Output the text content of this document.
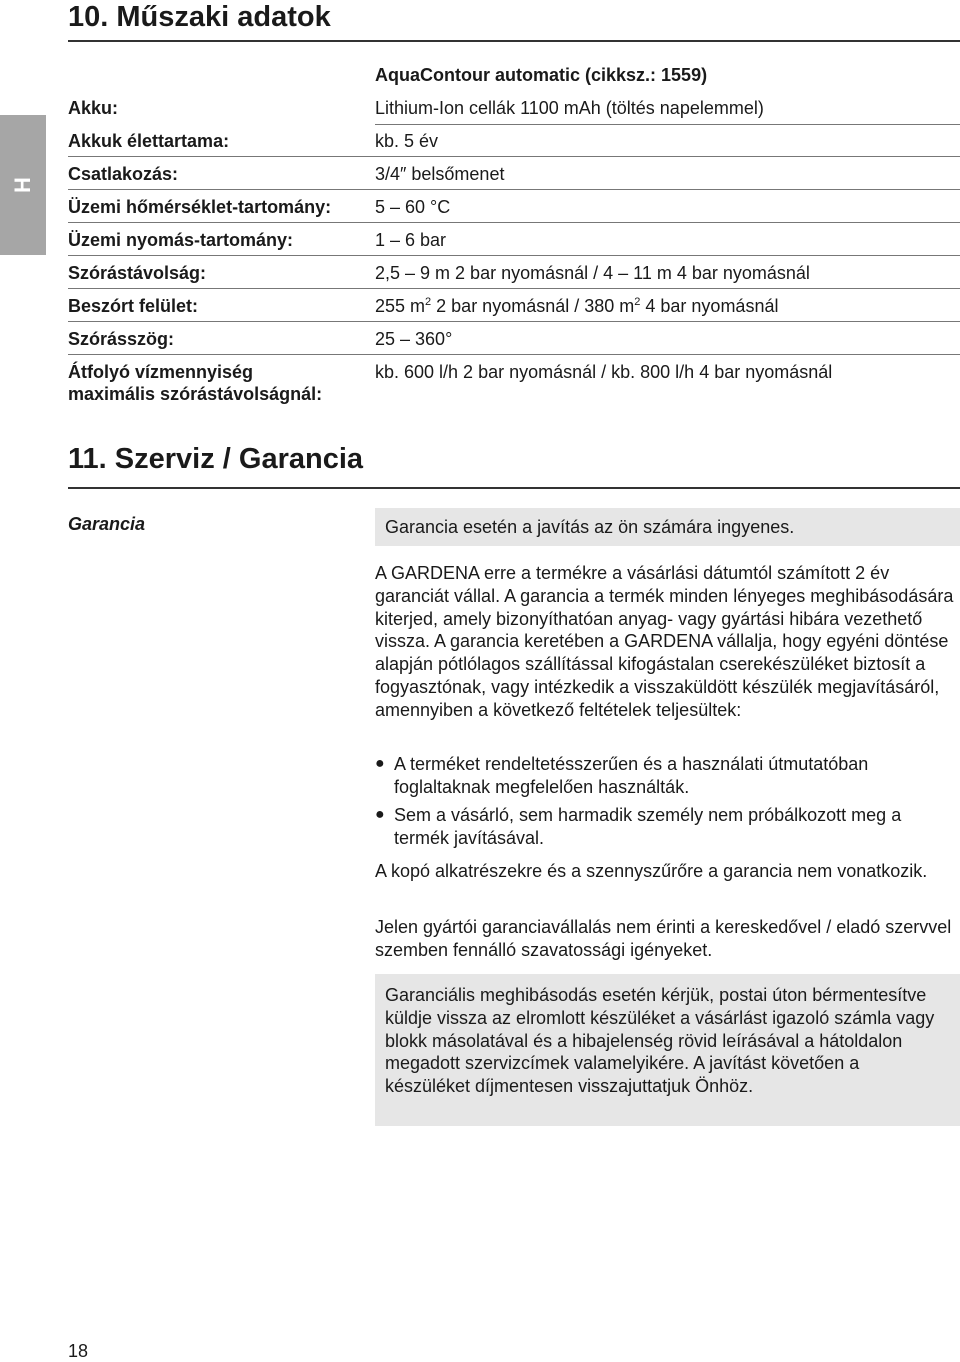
10. Műszaki adatok
H
AquaContour automatic (cikksz.: 1559)
Akku:	Lithium-Ion cellák 1100 mAh (töltés napelemmel)
Akkuk élettartama:	kb. 5 év
Csatlakozás:	3/4″ belsőmenet
Üzemi hőmérséklet-tartomány: 5 – 60 °C
Üzemi nyomás-tartomány:	1 – 6 bar
Szórástávolság:	2,5 – 9 m 2 bar nyomásnál / 4 – 11 m 4 bar nyomásnál
Beszórt felület:	255 $m^2$ 2 bar nyomásnál / 380 $m^2$ 4 bar nyomásnál
Szórásszög:	25 – 360°
Átfolyó vízmennyiség
maximális szórástávolságnál:
kb. 600 l/h 2 bar nyomásnál / kb. 800 l/h 4 bar nyomásnál
11. Szerviz / Garancia
Garancia	Garancia esetén a javítás az ön számára ingyenes.

A GARDENA erre a termékre a vásárlási dátumtól számított 2 év garanciát vállal. A garancia a termék minden lényeges meghibásodására kiterjed, amely bizonyíthatóan anyag- vagy gyártási hibára vezethető vissza. A garancia keretében a GARDENA vállalja, hogy egyéni döntése alapján pótlólagos szállítással kifogástalan cserekészüléket biztosít a fogyasztónak, vagy intézkedik a visszaküldött készülék megjavításáról, amennyiben a következő feltételek teljesültek:

● A terméket rendeltetésszerűen és a használati útmutatóban foglaltaknak megfelelően használták.
● Sem a vásárló, sem harmadik személy nem próbálkozott meg a termék javításával.

A kopó alkatrészekre és a szennyszűrőre a garancia nem vonatkozik.

Jelen gyártói garanciavállalás nem érinti a kereskedővel / eladó szervvel szemben fennálló szavatossági igényeket.

Garanciális meghibásodás esetén kérjük, postai úton bérmentesítve küldje vissza az elromlott készüléket a vásárlást igazoló számla vagy blokk másolatával és a hibajelenség rövid leírásával a hátoldalon megadott szervizcímek valamelyikére. A javítást követően a készüléket díjmentesen visszajuttatjuk Önhöz.

18
